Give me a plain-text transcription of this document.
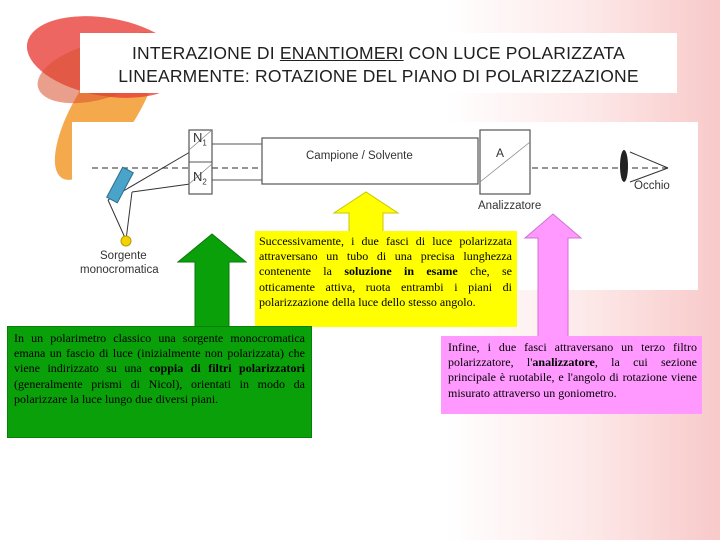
INTERAZIONE DI ENANTIOMERI CON LUCE POLARIZZATA
LINEARMENTE: ROTAZIONE DEL PIANO DI POLARIZZAZIONE
$N_1$
$N_2$
Campione / Solvente	A
Analizzatore
Occhio
Sorgente
monocromatica
Successivamente, i due fasci di luce polarizzata attraversano un tubo di una precisa lunghezza contenente la soluzione in esame che, se otticamente attiva, ruota entrambi i piani di polarizzazione della luce dello stesso angolo.
In un polarimetro classico una sorgente monocromatica emana un fascio di luce (inizialmente non polarizzata) che viene indirizzato su una coppia di filtri polarizzatori (generalmente prismi di Nicol), orientati in modo da polarizzare la luce lungo due diversi piani.
Infine, i due fasci attraversano un terzo filtro polarizzatore, l'analizzatore, la cui sezione principale è ruotabile, e l'angolo di rotazione viene misurato attraverso un goniometro.
